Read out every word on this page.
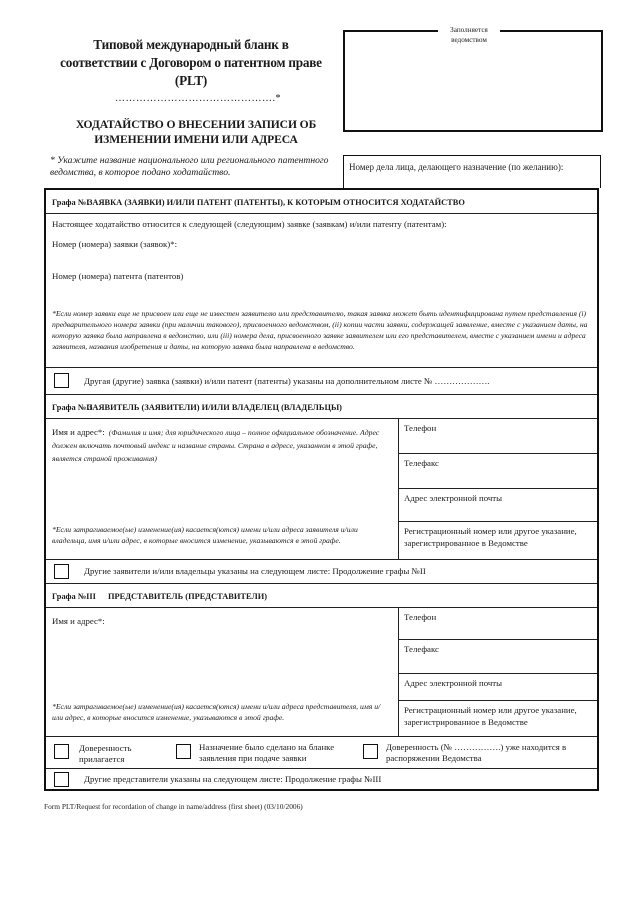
Типовой международный бланк в соответствии с Договором о патентном праве (PLT)
……………………………………….*
ХОДАТАЙСТВО О ВНЕСЕНИИ ЗАПИСИ ОБ ИЗМЕНЕНИИ ИМЕНИ ИЛИ АДРЕСА
* Укажите название национального или регионального патентного ведомства, в которое подано ходатайство.
Заполняется ведомством
Номер дела лица, делающего назначение (по желанию):
Графа №I
ЗАЯВКА (ЗАЯВКИ) И/ИЛИ ПАТЕНТ (ПАТЕНТЫ), К КОТОРЫМ ОТНОСИТСЯ ХОДАТАЙСТВО
Настоящее ходатайство относится к следующей (следующим) заявке (заявкам) и/или патенту (патентам):
Номер (номера) заявки (заявок)*:
Номер (номера) патента (патентов)
*Если номер заявки еще не присвоен или еще не известен заявителю или представителю, такая заявка может быть идентифицирована путем представления (i) предварительного номера заявки (при наличии такового), присвоенного ведомством, (ii) копии части заявки, содержащей заявление, вместе с указанием даты, на которую заявка была направлена в ведомство, или (iii) номера дела, присвоенного заявке заявителем или его представителем, вместе с указанием имени и адреса заявителя, названия изобретения и даты, на которую заявка была направлена в ведомство.
Другая (другие) заявка (заявки) и/или патент (патенты) указаны на дополнительном листе № ……………….
Графа №II
ЗАЯВИТЕЛЬ (ЗАЯВИТЕЛИ) И/ИЛИ ВЛАДЕЛЕЦ (ВЛАДЕЛЬЦЫ)
Имя и адрес*: (Фамилия и имя; для юридического лица – полное официальное обозначение. Адрес должен включать почтовый индекс и название страны. Страна в адресе, указанном в этой графе, является страной проживания)
*Если затрагиваемое(ые) изменение(ия) касается(ются) имени и/или адреса заявителя и/или владельца, имя и/или адрес, в которые вносится изменение, указываются в этой графе.
Телефон
Телефакс
Адрес электронной почты
Регистрационный номер или другое указание, зарегистрированное в Ведомстве
Другие заявители и/или владельцы указаны на следующем листе: Продолжение графы №II
Графа №III ПРЕДСТАВИТЕЛЬ (ПРЕДСТАВИТЕЛИ)
Имя и адрес*:
*Если затрагиваемое(ые) изменение(ия) касается(ются) имени и/или адреса представителя, имя и/или адрес, в которые вносится изменение, указываются в этой графе.
Телефон
Телефакс
Адрес электронной почты
Регистрационный номер или другое указание, зарегистрированное в Ведомстве
Доверенность прилагается
Назначение было сделано на бланке заявления при подаче заявки
Доверенность (№ …………….) уже находится в распоряжении Ведомства
Другие представители указаны на следующем листе: Продолжение графы №III
Form PLT/Request for recordation of change in name/address (first sheet) (03/10/2006)
